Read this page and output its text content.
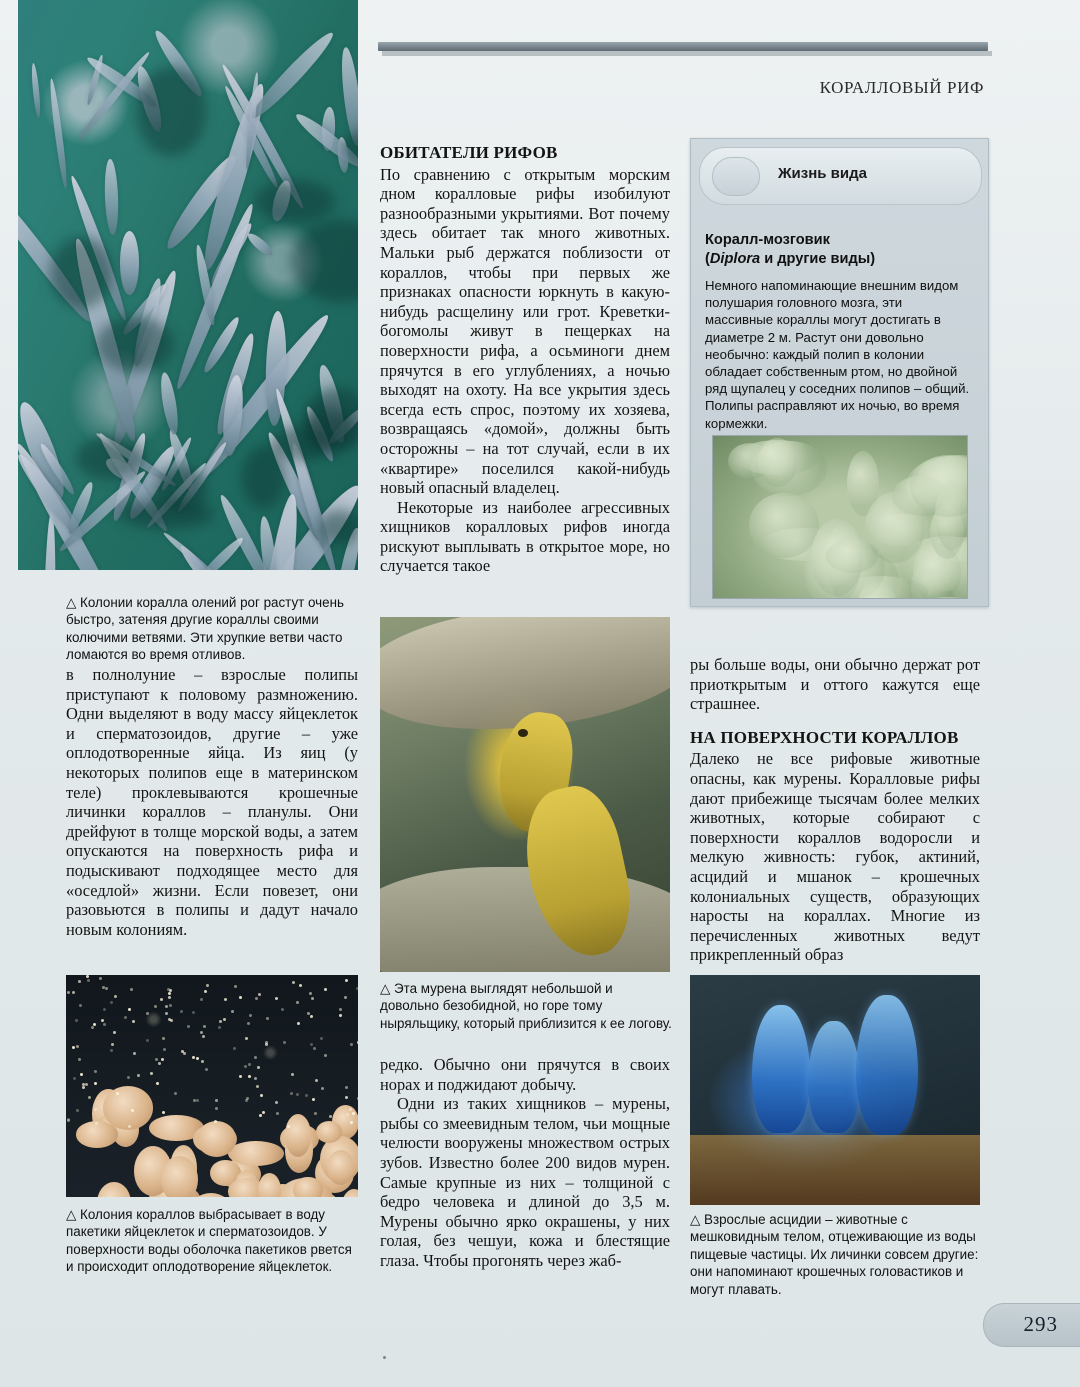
КОРАЛЛОВЫЙ РИФ
ОБИТАТЕЛИ РИФОВ

По сравнению с открытым морским дном коралловые рифы изобилуют разнообразными укрытиями. Вот почему здесь обитает так много животных. Мальки рыб держатся поблизости от кораллов, чтобы при первых же признаках опасности юркнуть в какую-нибудь расщелину или грот. Креветки-богомолы живут в пещерках на поверхности рифа, а осьминоги днем прячутся в его углублениях, а ночью выходят на охоту. На все укрытия здесь всегда есть спрос, поэтому их хозяева, возвращаясь «домой», должны быть осторожны – на тот случай, если в их «квартире» поселился какой-нибудь новый опасный владелец.

Некоторые из наиболее агрессивных хищников коралловых рифов иногда рискуют выплывать в открытое море, но случается такое

△ Эта мурена выглядят небольшой и довольно безобидной, но горе тому ныряльщику, который приблизится к ее логову.

редко. Обычно они прячутся в своих норах и поджидают добычу.

Одни из таких хищников – мурены, рыбы со змеевидным телом, чьи мощные челюсти вооружены множеством острых зубов. Известно более 200 видов мурен. Самые крупные из них – толщиной с бедро человека и длиной до 3,5 м. Мурены обычно ярко окрашены, у них голая, без чешуи, кожа и блестящие глаза. Чтобы прогонять через жаб-

△ Колонии коралла олений рог растут очень быстро, затеняя другие кораллы своими колючими ветвями. Эти хрупкие ветви часто ломаются во время отливов.

в полнолуние – взрослые полипы приступают к половому размножению. Одни выделяют в воду массу яйцеклеток и сперматозоидов, другие – уже оплодотворенные яйца. Из яиц (у некоторых полипов еще в материнском теле) проклевываются крошечные личинки кораллов – планулы. Они дрейфуют в толще морской воды, а затем опускаются на поверхность рифа и подыскивают подходящее место для «оседлой» жизни. Если повезет, они разовьются в полипы и дадут начало новым колониям.

△ Колония кораллов выбрасывает в воду пакетики яйцеклеток и сперматозоидов. У поверхности воды оболочка пакетиков рвется и происходит оплодотворение яйцеклеток.
Жизнь вида
Коралл-мозговик
(Diplora и другие виды)
Немного напоминающие внешним видом полушария головного мозга, эти массивные кораллы могут достигать в диаметре 2 м. Растут они довольно необычно: каждый полип в колонии обладает собственным ртом, но двойной ряд щупалец у соседних полипов – общий. Полипы расправляют их ночью, во время кормежки.

ры больше воды, они обычно держат рот приоткрытым и оттого кажутся еще страшнее.

НА ПОВЕРХНОСТИ КОРАЛЛОВ

Далеко не все рифовые животные опасны, как мурены. Коралловые рифы дают прибежище тысячам более мелких животных, которые собирают с поверхности кораллов водоросли и мелкую живность: губок, актиний, асцидий и мшанок – крошечных колониальных существ, образующих наросты на кораллах. Многие из перечисленных животных ведут прикрепленный образ

△ Взрослые асцидии – животные с мешковидным телом, отцеживающие из воды пищевые частицы. Их личинки совсем другие: они напоминают крошечных головастиков и могут плавать.
293
